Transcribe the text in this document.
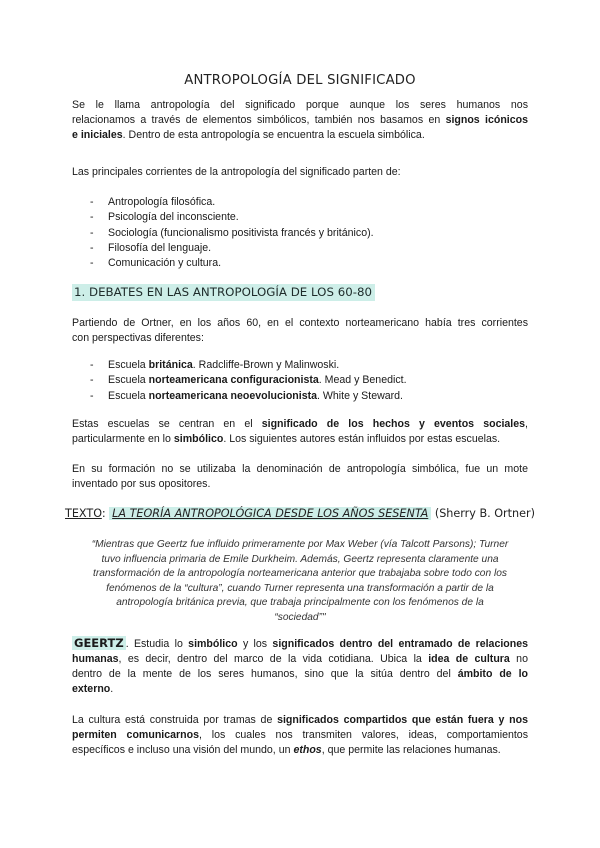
ANTROPOLOGÍA DEL SIGNIFICADO

Se le llama antropología del significado porque aunque los seres humanos nos
relacionamos a través de elementos simbólicos, también nos basamos en signos icónicos
e iniciales. Dentro de esta antropología se encuentra la escuela simbólica.

Las principales corrientes de la antropología del significado parten de:

- Antropología filosófica.
- Psicología del inconsciente.
- Sociología (funcionalismo positivista francés y británico).
- Filosofía del lenguaje.
- Comunicación y cultura.
1. DEBATES EN LAS ANTROPOLOGÍA DE LOS 60-80

Partiendo de Ortner, en los años 60, en el contexto norteamericano había tres corrientes
con perspectivas diferentes:

- Escuela británica. Radcliffe-Brown y Malinwoski.
- Escuela norteamericana configuracionista. Mead y Benedict.
- Escuela norteamericana neoevolucionista. White y Steward.

Estas escuelas se centran en el significado de los hechos y eventos sociales,
particularmente en lo simbólico. Los siguientes autores están influidos por estas escuelas.

En su formación no se utilizaba la denominación de antropología simbólica, fue un mote
inventado por sus opositores.

TEXTO: LA TEORÍA ANTROPOLÓGICA DESDE LOS AÑOS SESENTA (Sherry B. Ortner)

“Mientras que Geertz fue influido primeramente por Max Weber (vía Talcott Parsons); Turner
tuvo influencia primaria de Emile Durkheim. Además, Geertz representa claramente una
transformación de la antropología norteamericana anterior que trabajaba sobre todo con los
fenómenos de la “cultura”, cuando Turner representa una transformación a partir de la
antropología británica previa, que trabaja principalmente con los fenómenos de la
“sociedad”"

GEERTZ . Estudia lo simbólico y los significados dentro del entramado de relaciones
humanas, es decir, dentro del marco de la vida cotidiana. Ubica la idea de cultura no
dentro de la mente de los seres humanos, sino que la sitúa dentro del ámbito de lo
externo.

La cultura está construida por tramas de significados compartidos que están fuera y nos
permiten comunicarnos, los cuales nos transmiten valores, ideas, comportamientos
específicos e incluso una visión del mundo, un ethos, que permite las relaciones humanas.
